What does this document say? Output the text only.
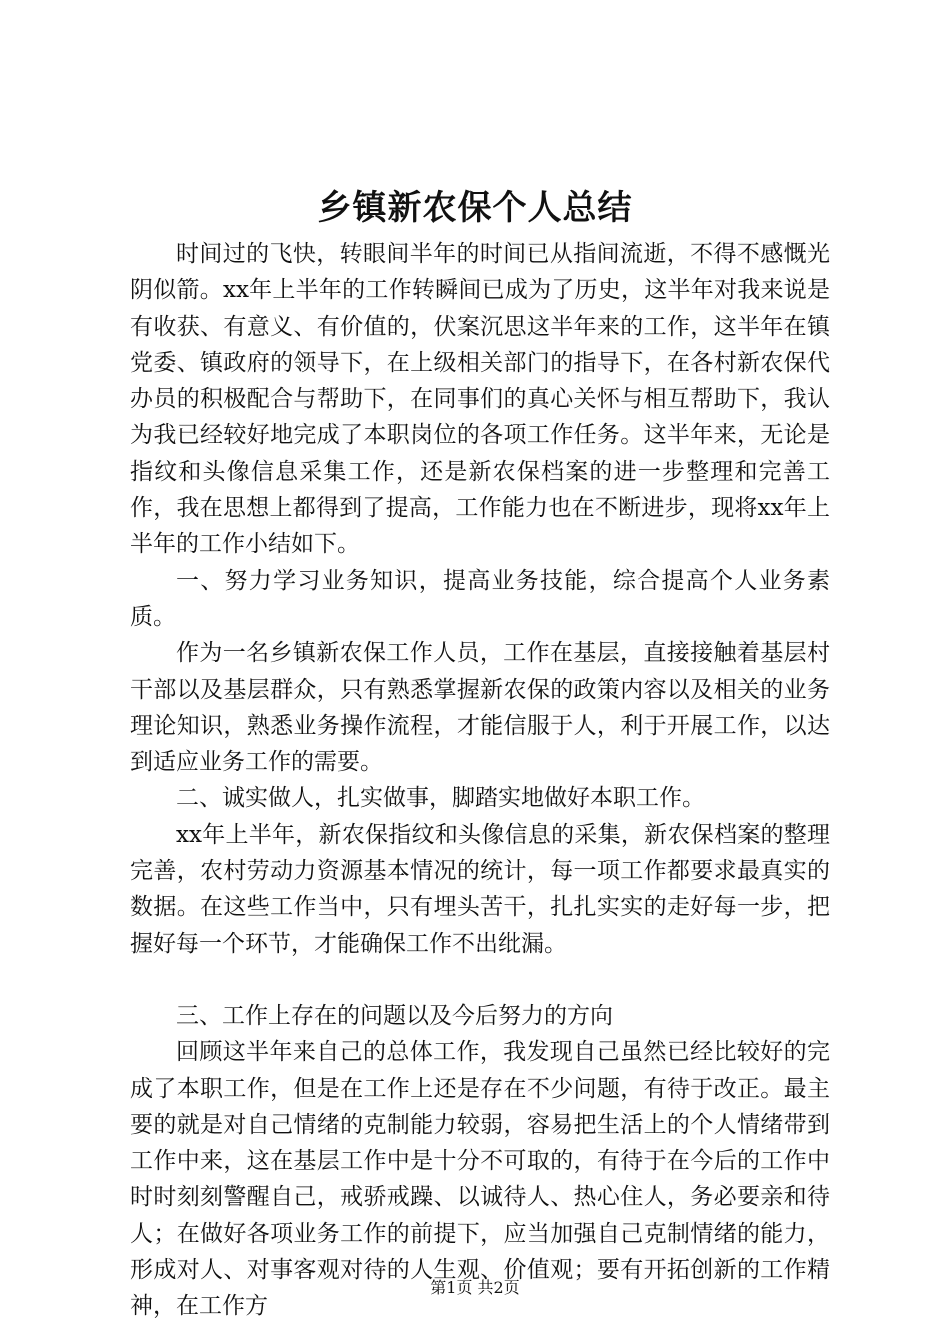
乡镇新农保个人总结

时间过的飞快，转眼间半年的时间已从指间流逝，不得不感慨光阴似箭。xx年上半年的工作转瞬间已成为了历史，这半年对我来说是有收获、有意义、有价值的，伏案沉思这半年来的工作，这半年在镇党委、镇政府的领导下，在上级相关部门的指导下，在各村新农保代办员的积极配合与帮助下，在同事们的真心关怀与相互帮助下，我认为我已经较好地完成了本职岗位的各项工作任务。这半年来，无论是指纹和头像信息采集工作，还是新农保档案的进一步整理和完善工作，我在思想上都得到了提高，工作能力也在不断进步，现将xx年上半年的工作小结如下。

一、努力学习业务知识，提高业务技能，综合提高个人业务素质。

作为一名乡镇新农保工作人员，工作在基层，直接接触着基层村干部以及基层群众，只有熟悉掌握新农保的政策内容以及相关的业务理论知识，熟悉业务操作流程，才能信服于人，利于开展工作，以达到适应业务工作的需要。

二、诚实做人，扎实做事，脚踏实地做好本职工作。

xx年上半年，新农保指纹和头像信息的采集，新农保档案的整理完善，农村劳动力资源基本情况的统计，每一项工作都要求最真实的数据。在这些工作当中，只有埋头苦干，扎扎实实的走好每一步，把握好每一个环节，才能确保工作不出纰漏。

三、工作上存在的问题以及今后努力的方向

回顾这半年来自己的总体工作，我发现自己虽然已经比较好的完成了本职工作，但是在工作上还是存在不少问题，有待于改正。最主要的就是对自己情绪的克制能力较弱，容易把生活上的个人情绪带到工作中来，这在基层工作中是十分不可取的，有待于在今后的工作中时时刻刻警醒自己，戒骄戒躁、以诚待人、热心住人，务必要亲和待人；在做好各项业务工作的前提下，应当加强自己克制情绪的能力，形成对人、对事客观对待的人生观、价值观；要有开拓创新的工作精神，在工作方

第1页 共2页
